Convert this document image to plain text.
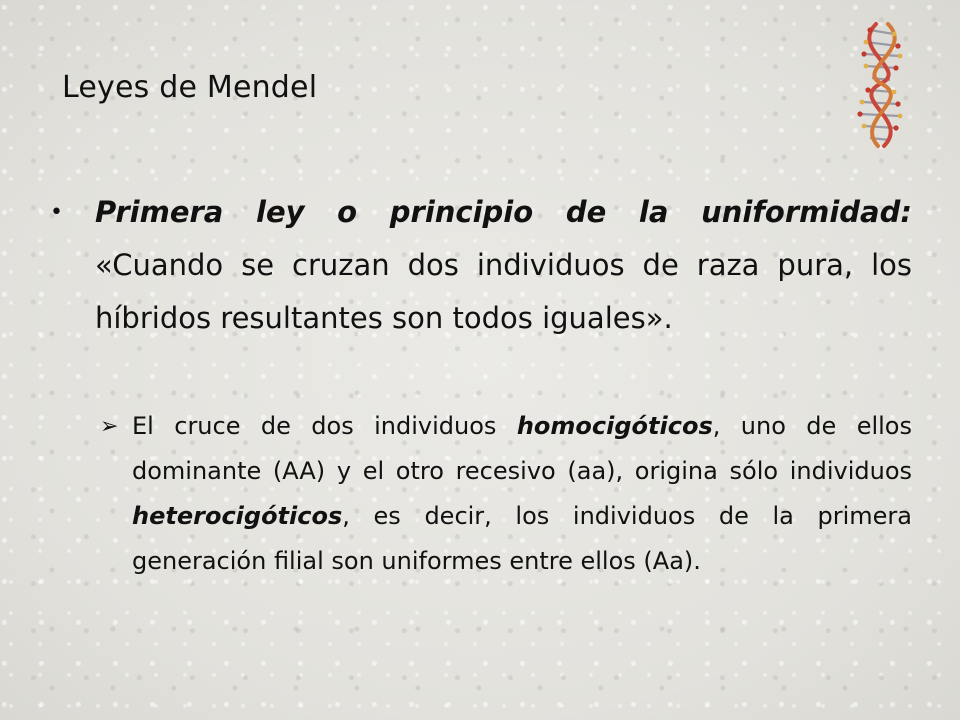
Leyes de Mendel
•	Primera ley o principio de la uniformidad: «Cuando se cruzan dos individuos de raza pura, los híbridos resultantes son todos iguales».
➢ El cruce de dos individuos homocigóticos, uno de ellos dominante (AA) y el otro recesivo (aa), origina sólo individuos heterocigóticos, es decir, los individuos de la primera generación filial son uniformes entre ellos (Aa).
